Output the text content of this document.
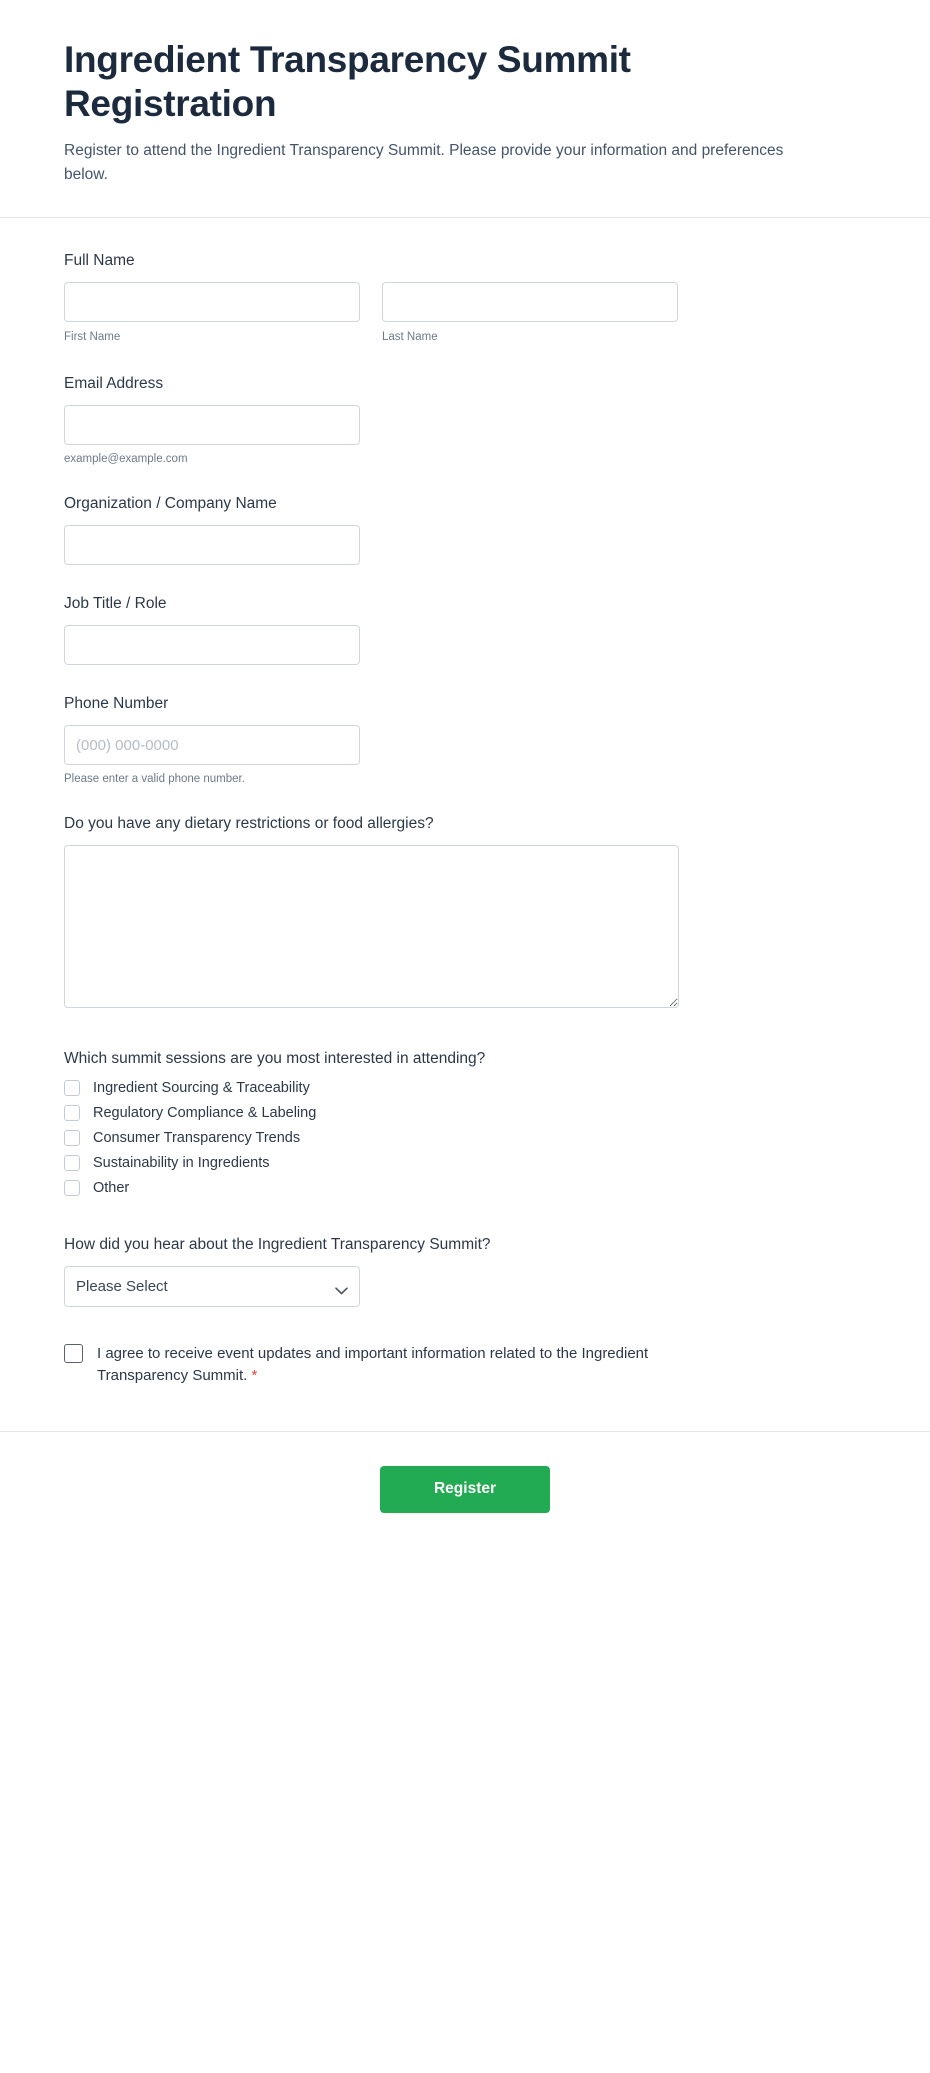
Ingredient Transparency Summit Registration

Register to attend the Ingredient Transparency Summit. Please provide your information and preferences below.

Full Name
First Name	Last Name
Email Address
example@example.com
Organization / Company Name
Job Title / Role
Phone Number
(000) 000-0000
Please enter a valid phone number.
Do you have any dietary restrictions or food allergies?
Which summit sessions are you most interested in attending?
Ingredient Sourcing & Traceability
Regulatory Compliance & Labeling
Consumer Transparency Trends
Sustainability in Ingredients
Other
How did you hear about the Ingredient Transparency Summit?
Please Select
I agree to receive event updates and important information related to the Ingredient Transparency Summit. *
Register
